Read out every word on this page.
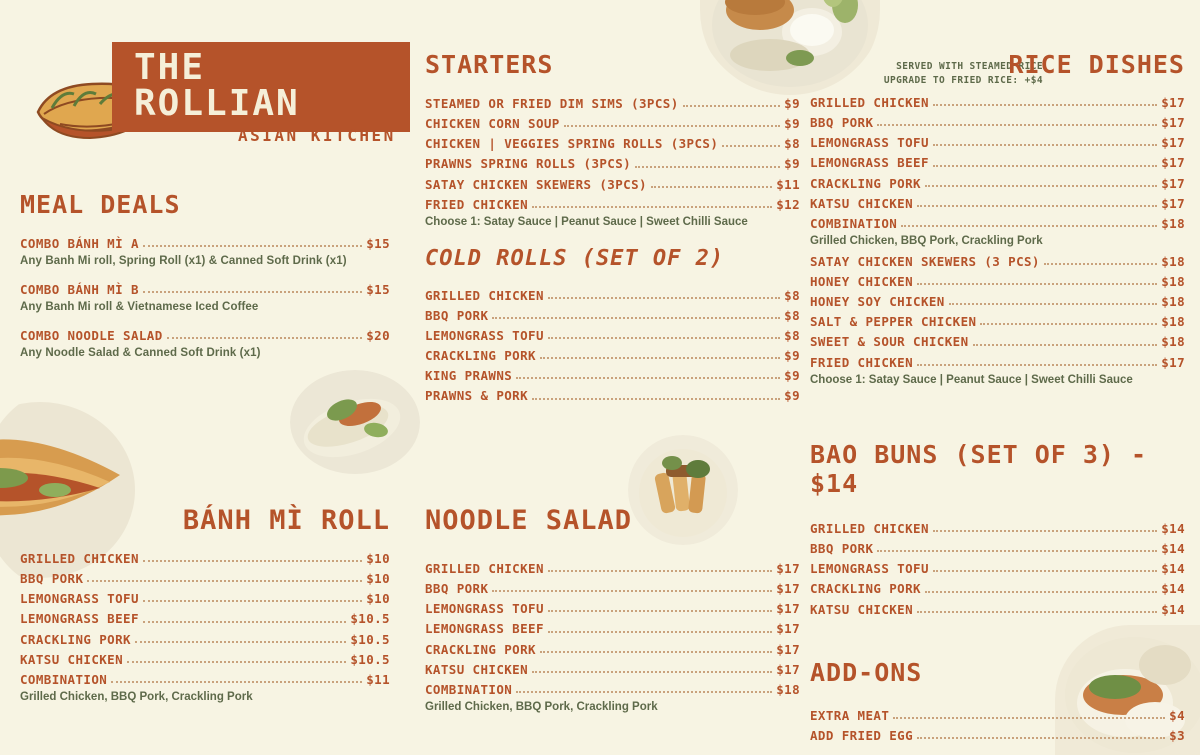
THE ROLLIAN
ASIAN KITCHEN
MEAL DEALS
COMBO BÁNH MÌ A	$15
Any Banh Mi roll, Spring Roll (x1) & Canned Soft Drink (x1)
COMBO BÁNH MÌ B	$15
Any Banh Mi roll & Vietnamese Iced Coffee
COMBO NOODLE SALAD	$20
Any Noodle Salad & Canned Soft Drink (x1)
BÁNH MÌ ROLL
GRILLED CHICKEN	$10
BBQ PORK	$10
LEMONGRASS TOFU	$10
LEMONGRASS BEEF	$10.5
CRACKLING PORK	$10.5
KATSU CHICKEN	$10.5
COMBINATION	$11
Grilled Chicken, BBQ Pork, Crackling Pork
STARTERS
STEAMED OR FRIED DIM SIMS (3PCS)	$9
CHICKEN CORN SOUP	$9
CHICKEN | VEGGIES SPRING ROLLS (3PCS)	$8
PRAWNS SPRING ROLLS (3PCS)	$9
SATAY CHICKEN SKEWERS (3PCS)	$11
FRIED CHICKEN	$12
Choose 1: Satay Sauce | Peanut Sauce | Sweet Chilli Sauce
COLD ROLLS (SET OF 2)
GRILLED CHICKEN	$8
BBQ PORK	$8
LEMONGRASS TOFU	$8
CRACKLING PORK	$9
KING PRAWNS	$9
PRAWNS & PORK	$9
NOODLE SALAD
GRILLED CHICKEN	$17
BBQ PORK	$17
LEMONGRASS TOFU	$17
LEMONGRASS BEEF	$17
CRACKLING PORK	$17
KATSU CHICKEN	$17
COMBINATION	$18
Grilled Chicken, BBQ Pork, Crackling Pork
SERVED WITH STEAMED RICE
UPGRADE TO FRIED RICE: +$4
RICE DISHES
GRILLED CHICKEN	$17
BBQ PORK	$17
LEMONGRASS TOFU	$17
LEMONGRASS BEEF	$17
CRACKLING PORK	$17
KATSU CHICKEN	$17
COMBINATION	$18
Grilled Chicken, BBQ Pork, Crackling Pork
SATAY CHICKEN SKEWERS (3 PCS)	$18
HONEY CHICKEN	$18
HONEY SOY CHICKEN	$18
SALT & PEPPER CHICKEN	$18
SWEET & SOUR CHICKEN	$18
FRIED CHICKEN	$17
Choose 1: Satay Sauce | Peanut Sauce | Sweet Chilli Sauce
BAO BUNS (SET OF 3) - $14
GRILLED CHICKEN	$14
BBQ PORK	$14
LEMONGRASS TOFU	$14
CRACKLING PORK	$14
KATSU CHICKEN	$14
ADD-ONS
EXTRA MEAT	$4
ADD FRIED EGG	$3
